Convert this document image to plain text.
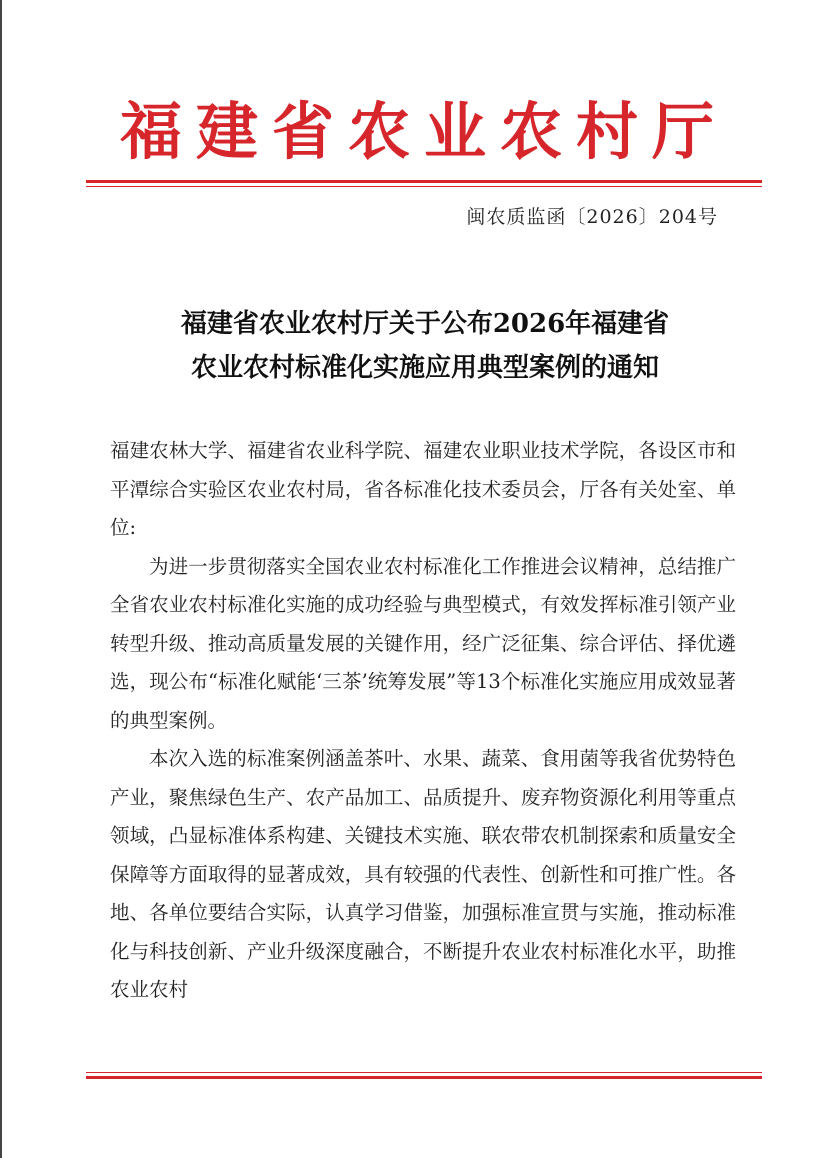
福建省农业农村厅
闽农质监函〔2026〕204号
福建省农业农村厅关于公布2026年福建省
农业农村标准化实施应用典型案例的通知

福建农林大学、福建省农业科学院、福建农业职业技术学院，各设区市和平潭综合实验区农业农村局，省各标准化技术委员会，厅各有关处室、单位:

为进一步贯彻落实全国农业农村标准化工作推进会议精神，总结推广全省农业农村标准化实施的成功经验与典型模式，有效发挥标准引领产业转型升级、推动高质量发展的关键作用，经广泛征集、综合评估、择优遴选，现公布“标准化赋能‘三茶’统筹发展”等13个标准化实施应用成效显著的典型案例。

本次入选的标准案例涵盖茶叶、水果、蔬菜、食用菌等我省优势特色产业，聚焦绿色生产、农产品加工、品质提升、废弃物资源化利用等重点领域，凸显标准体系构建、关键技术实施、联农带农机制探索和质量安全保障等方面取得的显著成效，具有较强的代表性、创新性和可推广性。各地、各单位要结合实际，认真学习借鉴，加强标准宣贯与实施，推动标准化与科技创新、产业升级深度融合，不断提升农业农村标准化水平，助推农业农村
